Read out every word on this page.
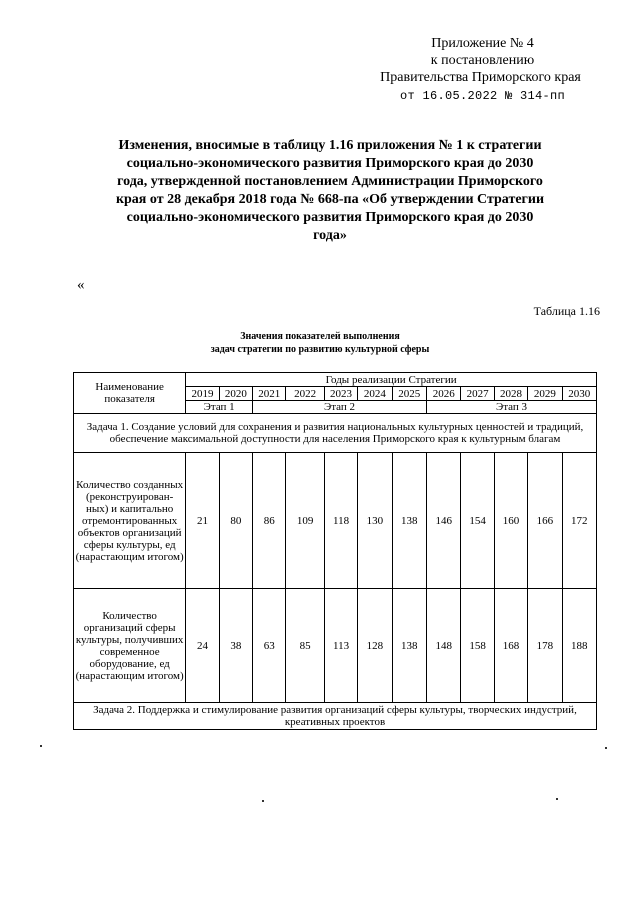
Приложение № 4
к постановлению
Правительства Приморского края
от 16.05.2022 № 314-пп
Изменения, вносимые в таблицу 1.16 приложения № 1 к стратегии социально-экономического развития Приморского края до 2030 года, утвержденной постановлением Администрации Приморского края от 28 декабря 2018 года № 668-па «Об утверждении Стратегии социально-экономического развития Приморского края до 2030 года»
«
Таблица 1.16
Значения показателей выполнения
задач стратегии по развитию культурной сферы
Наименование показателя	Годы реализации Стратегии											
	2019	2020	2021	2022	2023	2024	2025	2026	2027	2028	2029	2030
	Этап 1		Этап 2					Этап 3				
Задача 1. Создание условий для сохранения и развития национальных культурных ценностей и традиций, обеспечение максимальной доступности для населения Приморского края к культурным благам												
Количество созданных (реконструирован-ных) и капитально отремонтированных объектов организаций сферы культуры, ед (нарастающим итогом)	21	80	86	109	118	130	138	146	154	160	166	172
Количество организаций сферы культуры, получивших современное оборудование, ед (нарастающим итогом)	24	38	63	85	113	128	138	148	158	168	178	188
Задача 2. Поддержка и стимулирование развития организаций сферы культуры, творческих индустрий, креативных проектов												
